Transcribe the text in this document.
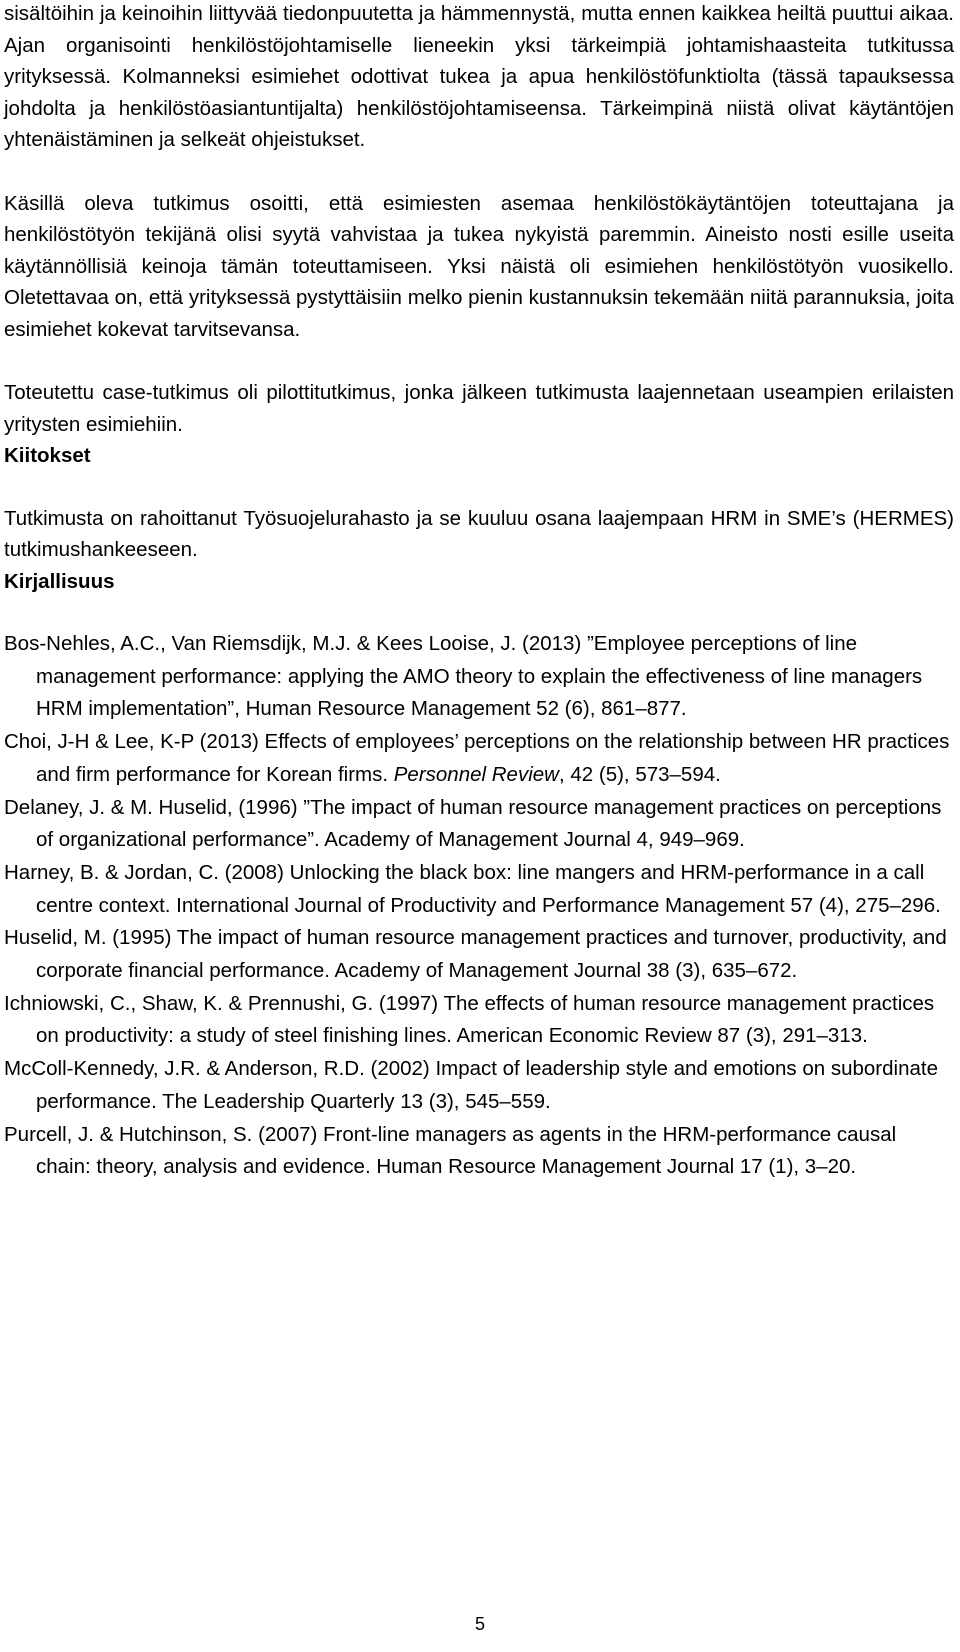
sisältöihin ja keinoihin liittyvää tiedonpuutetta ja hämmennystä, mutta ennen kaikkea heiltä puuttui aikaa. Ajan organisointi henkilöstöjohtamiselle lieneekin yksi tärkeimpiä johtamishaasteita tutkitussa yrityksessä. Kolmanneksi esimiehet odottivat tukea ja apua henkilöstöfunktiolta (tässä tapauksessa johdolta ja henkilöstöasiantuntijalta) henkilöstöjohtamiseensa. Tärkeimpinä niistä olivat käytäntöjen yhtenäistäminen ja selkeät ohjeistukset.

Käsillä oleva tutkimus osoitti, että esimiesten asemaa henkilöstökäytäntöjen toteuttajana ja henkilöstötyön tekijänä olisi syytä vahvistaa ja tukea nykyistä paremmin. Aineisto nosti esille useita käytännöllisiä keinoja tämän toteuttamiseen. Yksi näistä oli esimiehen henkilöstötyön vuosikello. Oletettavaa on, että yrityksessä pystyttäisiin melko pienin kustannuksin tekemään niitä parannuksia, joita esimiehet kokevat tarvitsevansa.

Toteutettu case-tutkimus oli pilottitutkimus, jonka jälkeen tutkimusta laajennetaan useampien erilaisten yritysten esimiehiin.

Kiitokset

Tutkimusta on rahoittanut Työsuojelurahasto ja se kuuluu osana laajempaan HRM in SME’s (HERMES) tutkimushankeeseen.

Kirjallisuus

Bos-Nehles, A.C., Van Riemsdijk, M.J. & Kees Looise, J. (2013) ”Employee perceptions of line management performance: applying the AMO theory to explain the effectiveness of line managers HRM implementation”, Human Resource Management 52 (6), 861–877.

Choi, J-H & Lee, K-P (2013) Effects of employees’ perceptions on the relationship between HR practices and firm performance for Korean firms. Personnel Review, 42 (5), 573–594.

Delaney, J. & M. Huselid, (1996) ”The impact of human resource management practices on perceptions of organizational performance”. Academy of Management Journal 4, 949–969.

Harney, B. & Jordan, C. (2008) Unlocking the black box: line mangers and HRM-performance in a call centre context. International Journal of Productivity and Performance Management 57 (4), 275–296.

Huselid, M. (1995) The impact of human resource management practices and turnover, productivity, and corporate financial performance. Academy of Management Journal 38 (3), 635–672.

Ichniowski, C., Shaw, K. & Prennushi, G. (1997) The effects of human resource management practices on productivity: a study of steel finishing lines. American Economic Review 87 (3), 291–313.

McColl-Kennedy, J.R. & Anderson, R.D. (2002) Impact of leadership style and emotions on subordinate performance. The Leadership Quarterly 13 (3), 545–559.

Purcell, J. & Hutchinson, S. (2007) Front-line managers as agents in the HRM-performance causal chain: theory, analysis and evidence. Human Resource Management Journal 17 (1), 3–20.

5
